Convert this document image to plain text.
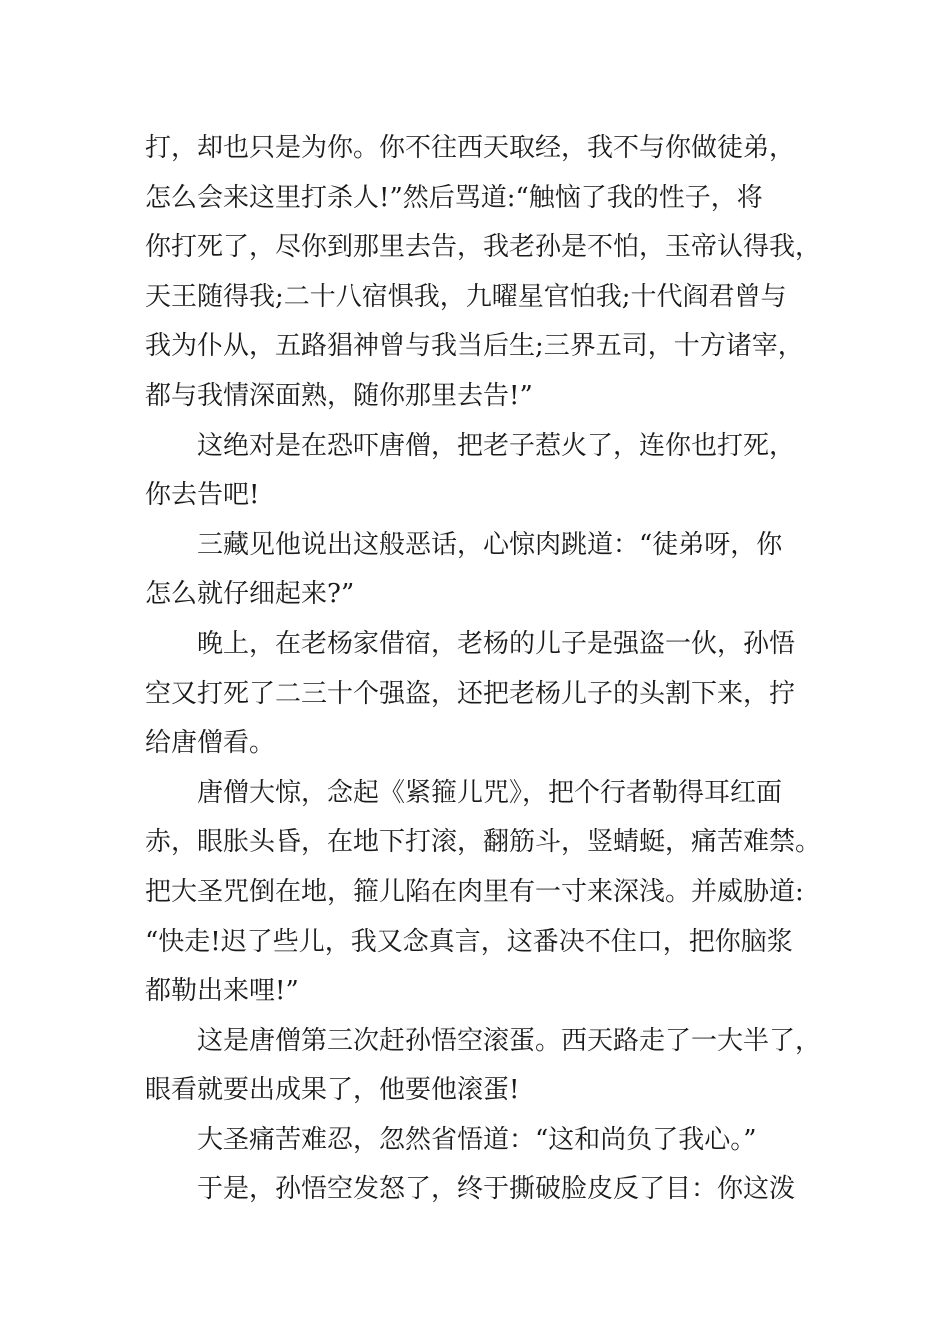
打，却也只是为你。你不往西天取经，我不与你做徒弟，
怎么会来这里打杀人!”然后骂道:“触恼了我的性子，将
你打死了，尽你到那里去告，我老孙是不怕，玉帝认得我，
天王随得我;二十八宿惧我，九曜星官怕我;十代阎君曾与
我为仆从，五路猖神曾与我当后生;三界五司，十方诸宰，
都与我情深面熟，随你那里去告!”
这绝对是在恐吓唐僧，把老子惹火了，连你也打死，
你去告吧!
三藏见他说出这般恶话，心惊肉跳道：“徒弟呀，你
怎么就仔细起来?”
晚上，在老杨家借宿，老杨的儿子是强盗一伙，孙悟
空又打死了二三十个强盗，还把老杨儿子的头割下来，拧
给唐僧看。
唐僧大惊，念起《紧箍儿咒》，把个行者勒得耳红面
赤，眼胀头昏，在地下打滚，翻筋斗，竖蜻蜓，痛苦难禁。
把大圣咒倒在地，箍儿陷在肉里有一寸来深浅。并威胁道:
“快走!迟了些儿，我又念真言，这番决不住口，把你脑浆
都勒出来哩!”
这是唐僧第三次赶孙悟空滚蛋。西天路走了一大半了，
眼看就要出成果了，他要他滚蛋!
大圣痛苦难忍，忽然省悟道：“这和尚负了我心。”
于是，孙悟空发怒了，终于撕破脸皮反了目：你这泼
